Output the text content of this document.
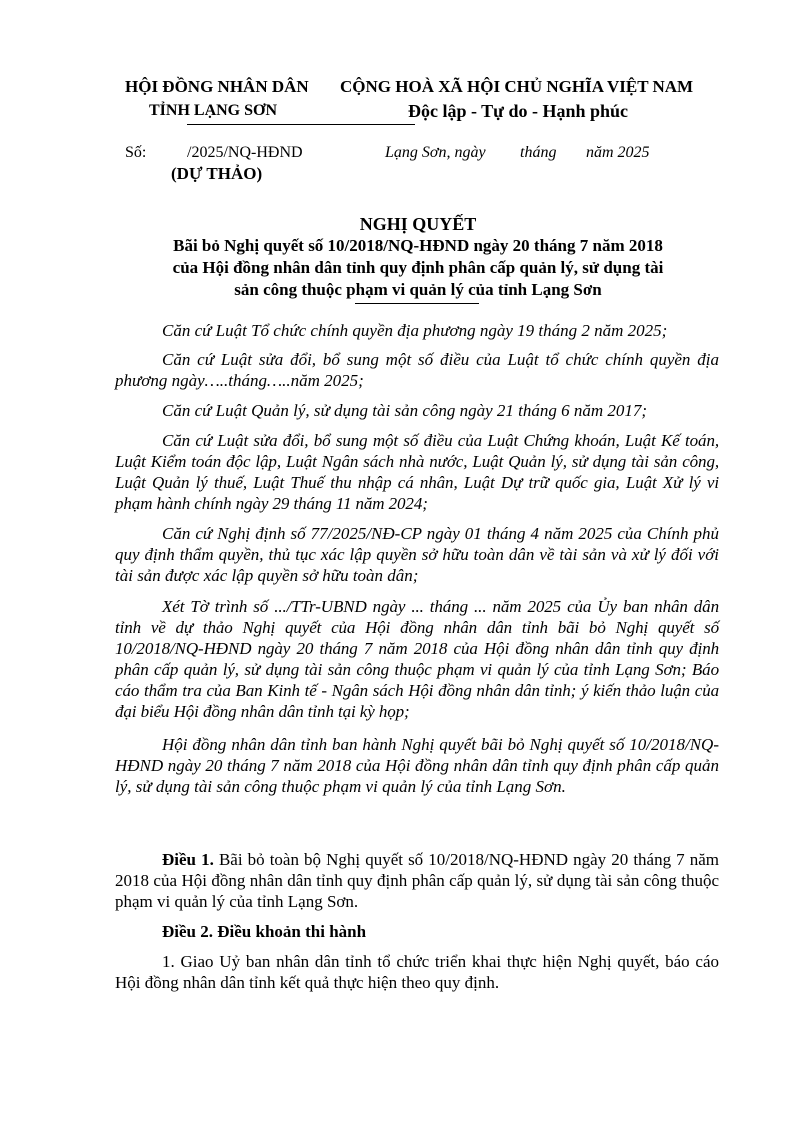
HỘI ĐỒNG NHÂN DÂN
TỈNH LẠNG SƠN
CỘNG HOÀ XÃ HỘI CHỦ NGHĨA VIỆT NAM
Độc lập - Tự do - Hạnh phúc
Số:	/2025/NQ-HĐND
(DỰ THẢO)
Lạng Sơn, ngày tháng năm 2025
NGHỊ QUYẾT
Bãi bỏ Nghị quyết số 10/2018/NQ-HĐND ngày 20 tháng 7 năm 2018
của Hội đồng nhân dân tỉnh quy định phân cấp quản lý, sử dụng tài
sản công thuộc phạm vi quản lý của tỉnh Lạng Sơn
Căn cứ Luật Tổ chức chính quyền địa phương ngày 19 tháng 2 năm 2025;
Căn cứ Luật sửa đổi, bổ sung một số điều của Luật tổ chức chính quyền địa phương ngày…..tháng…..năm 2025;
Căn cứ Luật Quản lý, sử dụng tài sản công ngày 21 tháng 6 năm 2017;
Căn cứ Luật sửa đổi, bổ sung một số điều của Luật Chứng khoán, Luật Kế toán, Luật Kiểm toán độc lập, Luật Ngân sách nhà nước, Luật Quản lý, sử dụng tài sản công, Luật Quản lý thuế, Luật Thuế thu nhập cá nhân, Luật Dự trữ quốc gia, Luật Xử lý vi phạm hành chính ngày 29 tháng 11 năm 2024;
Căn cứ Nghị định số 77/2025/NĐ-CP ngày 01 tháng 4 năm 2025 của Chính phủ quy định thẩm quyền, thủ tục xác lập quyền sở hữu toàn dân về tài sản và xử lý đối với tài sản được xác lập quyền sở hữu toàn dân;
Xét Tờ trình số .../TTr-UBND ngày ... tháng ... năm 2025 của Ủy ban nhân dân tỉnh về dự thảo Nghị quyết của Hội đồng nhân dân tỉnh bãi bỏ Nghị quyết số 10/2018/NQ-HĐND ngày 20 tháng 7 năm 2018 của Hội đồng nhân dân tỉnh quy định phân cấp quản lý, sử dụng tài sản công thuộc phạm vi quản lý của tỉnh Lạng Sơn; Báo cáo thẩm tra của Ban Kinh tế - Ngân sách Hội đồng nhân dân tỉnh; ý kiến thảo luận của đại biểu Hội đồng nhân dân tỉnh tại kỳ họp;
Hội đồng nhân dân tỉnh ban hành Nghị quyết bãi bỏ Nghị quyết số 10/2018/NQ-HĐND ngày 20 tháng 7 năm 2018 của Hội đồng nhân dân tỉnh quy định phân cấp quản lý, sử dụng tài sản công thuộc phạm vi quản lý của tỉnh Lạng Sơn.
Điều 1. Bãi bỏ toàn bộ Nghị quyết số 10/2018/NQ-HĐND ngày 20 tháng 7 năm 2018 của Hội đồng nhân dân tỉnh quy định phân cấp quản lý, sử dụng tài sản công thuộc phạm vi quản lý của tỉnh Lạng Sơn.
Điều 2. Điều khoản thi hành
1. Giao Uỷ ban nhân dân tỉnh tổ chức triển khai thực hiện Nghị quyết, báo cáo Hội đồng nhân dân tỉnh kết quả thực hiện theo quy định.
